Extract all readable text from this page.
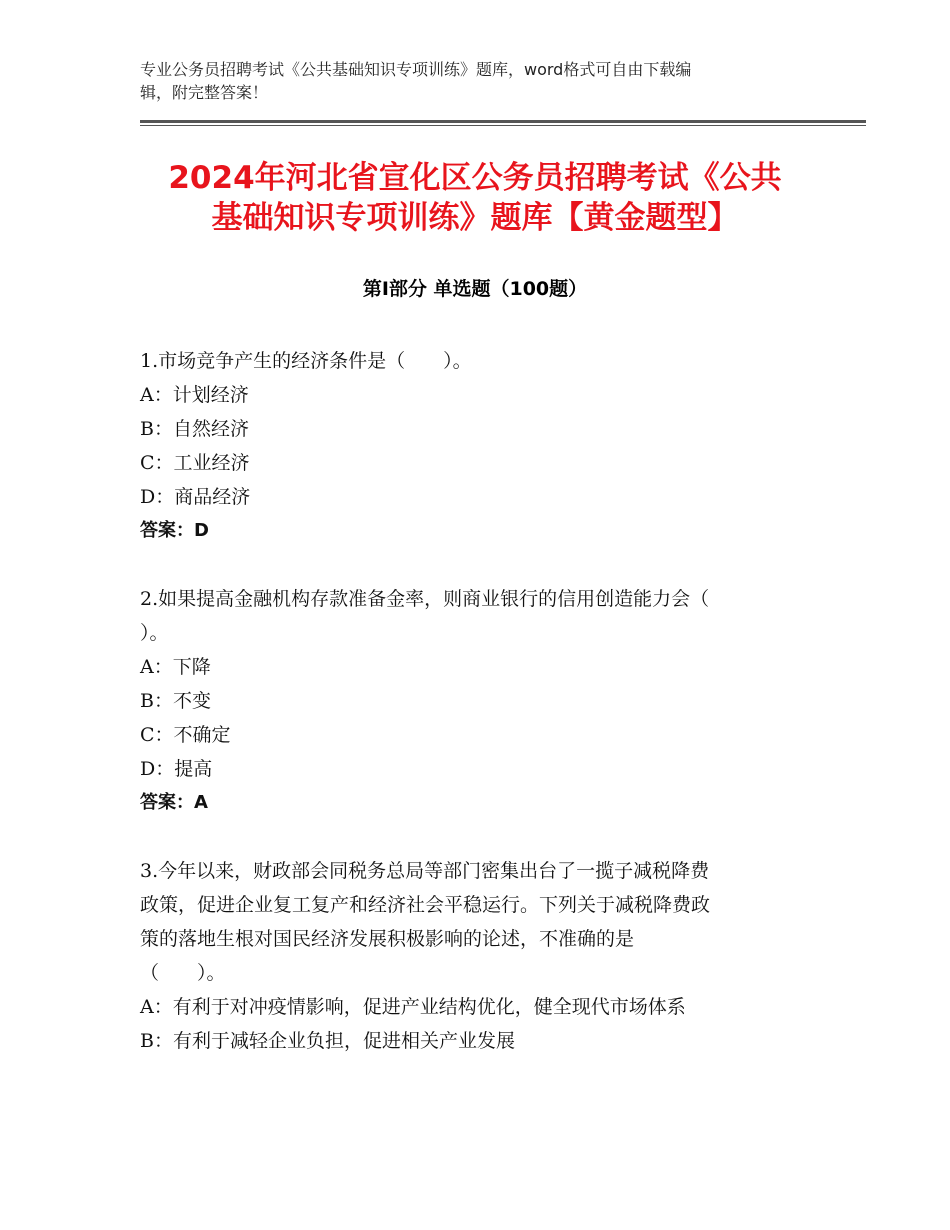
专业公务员招聘考试《公共基础知识专项训练》题库，word格式可自由下载编
辑，附完整答案！
2024年河北省宣化区公务员招聘考试《公共
基础知识专项训练》题库【黄金题型】
第Ⅰ部分 单选题（100题）
1.市场竞争产生的经济条件是（　　）。
A：计划经济
B：自然经济
C：工业经济
D：商品经济
答案：D
2.如果提高金融机构存款准备金率，则商业银行的信用创造能力会（
）。
A：下降
B：不变
C：不确定
D：提高
答案：A
3.今年以来，财政部会同税务总局等部门密集出台了一揽子减税降费
政策，促进企业复工复产和经济社会平稳运行。下列关于减税降费政
策的落地生根对国民经济发展积极影响的论述，不准确的是
（　　）。
A：有利于对冲疫情影响，促进产业结构优化，健全现代市场体系
B：有利于减轻企业负担，促进相关产业发展
